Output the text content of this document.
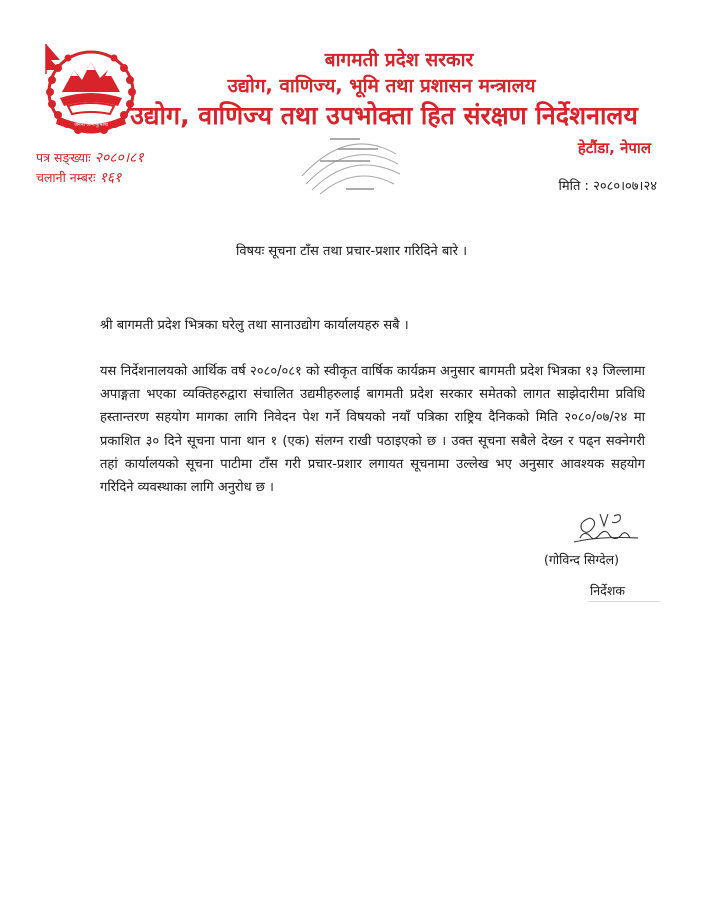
जननी जन्मभूमिश्च
बागमती प्रदेश सरकार
उद्योग, वाणिज्य, भूमि तथा प्रशासन मन्त्रालय
उद्योग, वाणिज्य तथा उपभोक्ता हित संरक्षण निर्देशनालय
पत्र सङ्ख्याः २०८०।८१
चलानी नम्बरः १६१
हेटौंडा, नेपाल
मिति : २०८०।०७।२४
विषयः सूचना टाँस तथा प्रचार-प्रशार गरिदिने बारे ।
श्री बागमती प्रदेश भित्रका घरेलु तथा सानाउद्योग कार्यालयहरु सबै ।
यस निर्देशनालयको आर्थिक वर्ष २०८०/०८१ को स्वीकृत वार्षिक कार्यक्रम अनुसार बागमती प्रदेश भित्रका १३ जिल्लामा अपाङ्गता भएका व्यक्तिहरुद्वारा संचालित उद्यमीहरुलाई बागमती प्रदेश सरकार समेतको लागत साझेदारीमा प्रविधि हस्तान्तरण सहयोग मागका लागि निवेदन पेश गर्ने विषयको नयाँ पत्रिका राष्ट्रिय दैनिकको मिति २०८०/०७/२४ मा प्रकाशित ३० दिने सूचना पाना थान १ (एक) संलग्न राखी पठाइएको छ । उक्त सूचना सबैले देख्न र पढ्न सक्नेगरी तहां कार्यालयको सूचना पाटीमा टाँस गरी प्रचार-प्रशार लगायत सूचनामा उल्लेख भए अनुसार आवश्यक सहयोग गरिदिने व्यवस्थाका लागि अनुरोध छ ।
(गोविन्द सिग्देल)
निर्देशक
